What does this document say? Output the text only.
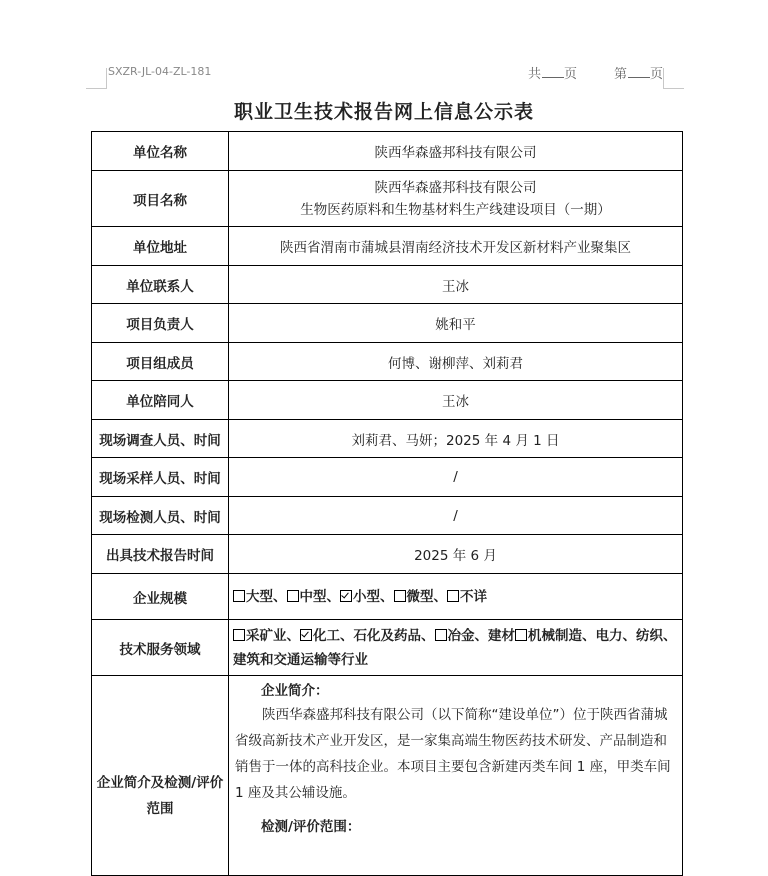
SXZR-JL-04-ZL-181	共 页	第 页
职业卫生技术报告网上信息公示表
单位名称	陕西华森盛邦科技有限公司
项目名称	陕西华森盛邦科技有限公司
生物医药原料和生物基材料生产线建设项目（一期）

单位地址	陕西省渭南市蒲城县渭南经济技术开发区新材料产业聚集区
单位联系人	王冰
项目负责人	姚和平
项目组成员	何博、谢柳萍、刘莉君
单位陪同人	王冰
现场调查人员、时间	刘莉君、马妍；2025 年 4 月 1 日
现场采样人员、时间	/
现场检测人员、时间	/
出具技术报告时间	2025 年 6 月
企业规模	大型、 中型、 小型、 微型、 不详
技术服务领域	采矿业、 化工、石化及药品、 冶金、建材 机械制造、电力、纺织、建筑和交通运输等行业
企业简介及检测/评价范围	企业简介：

陕西华森盛邦科技有限公司（以下简称“建设单位”）位于陕西省蒲城省级高新技术产业开发区，是一家集高端生物医药技术研发、产品制造和销售于一体的高科技企业。本项目主要包含新建丙类车间 1 座，甲类车间 1 座及其公辅设施。

检测/评价范围：
